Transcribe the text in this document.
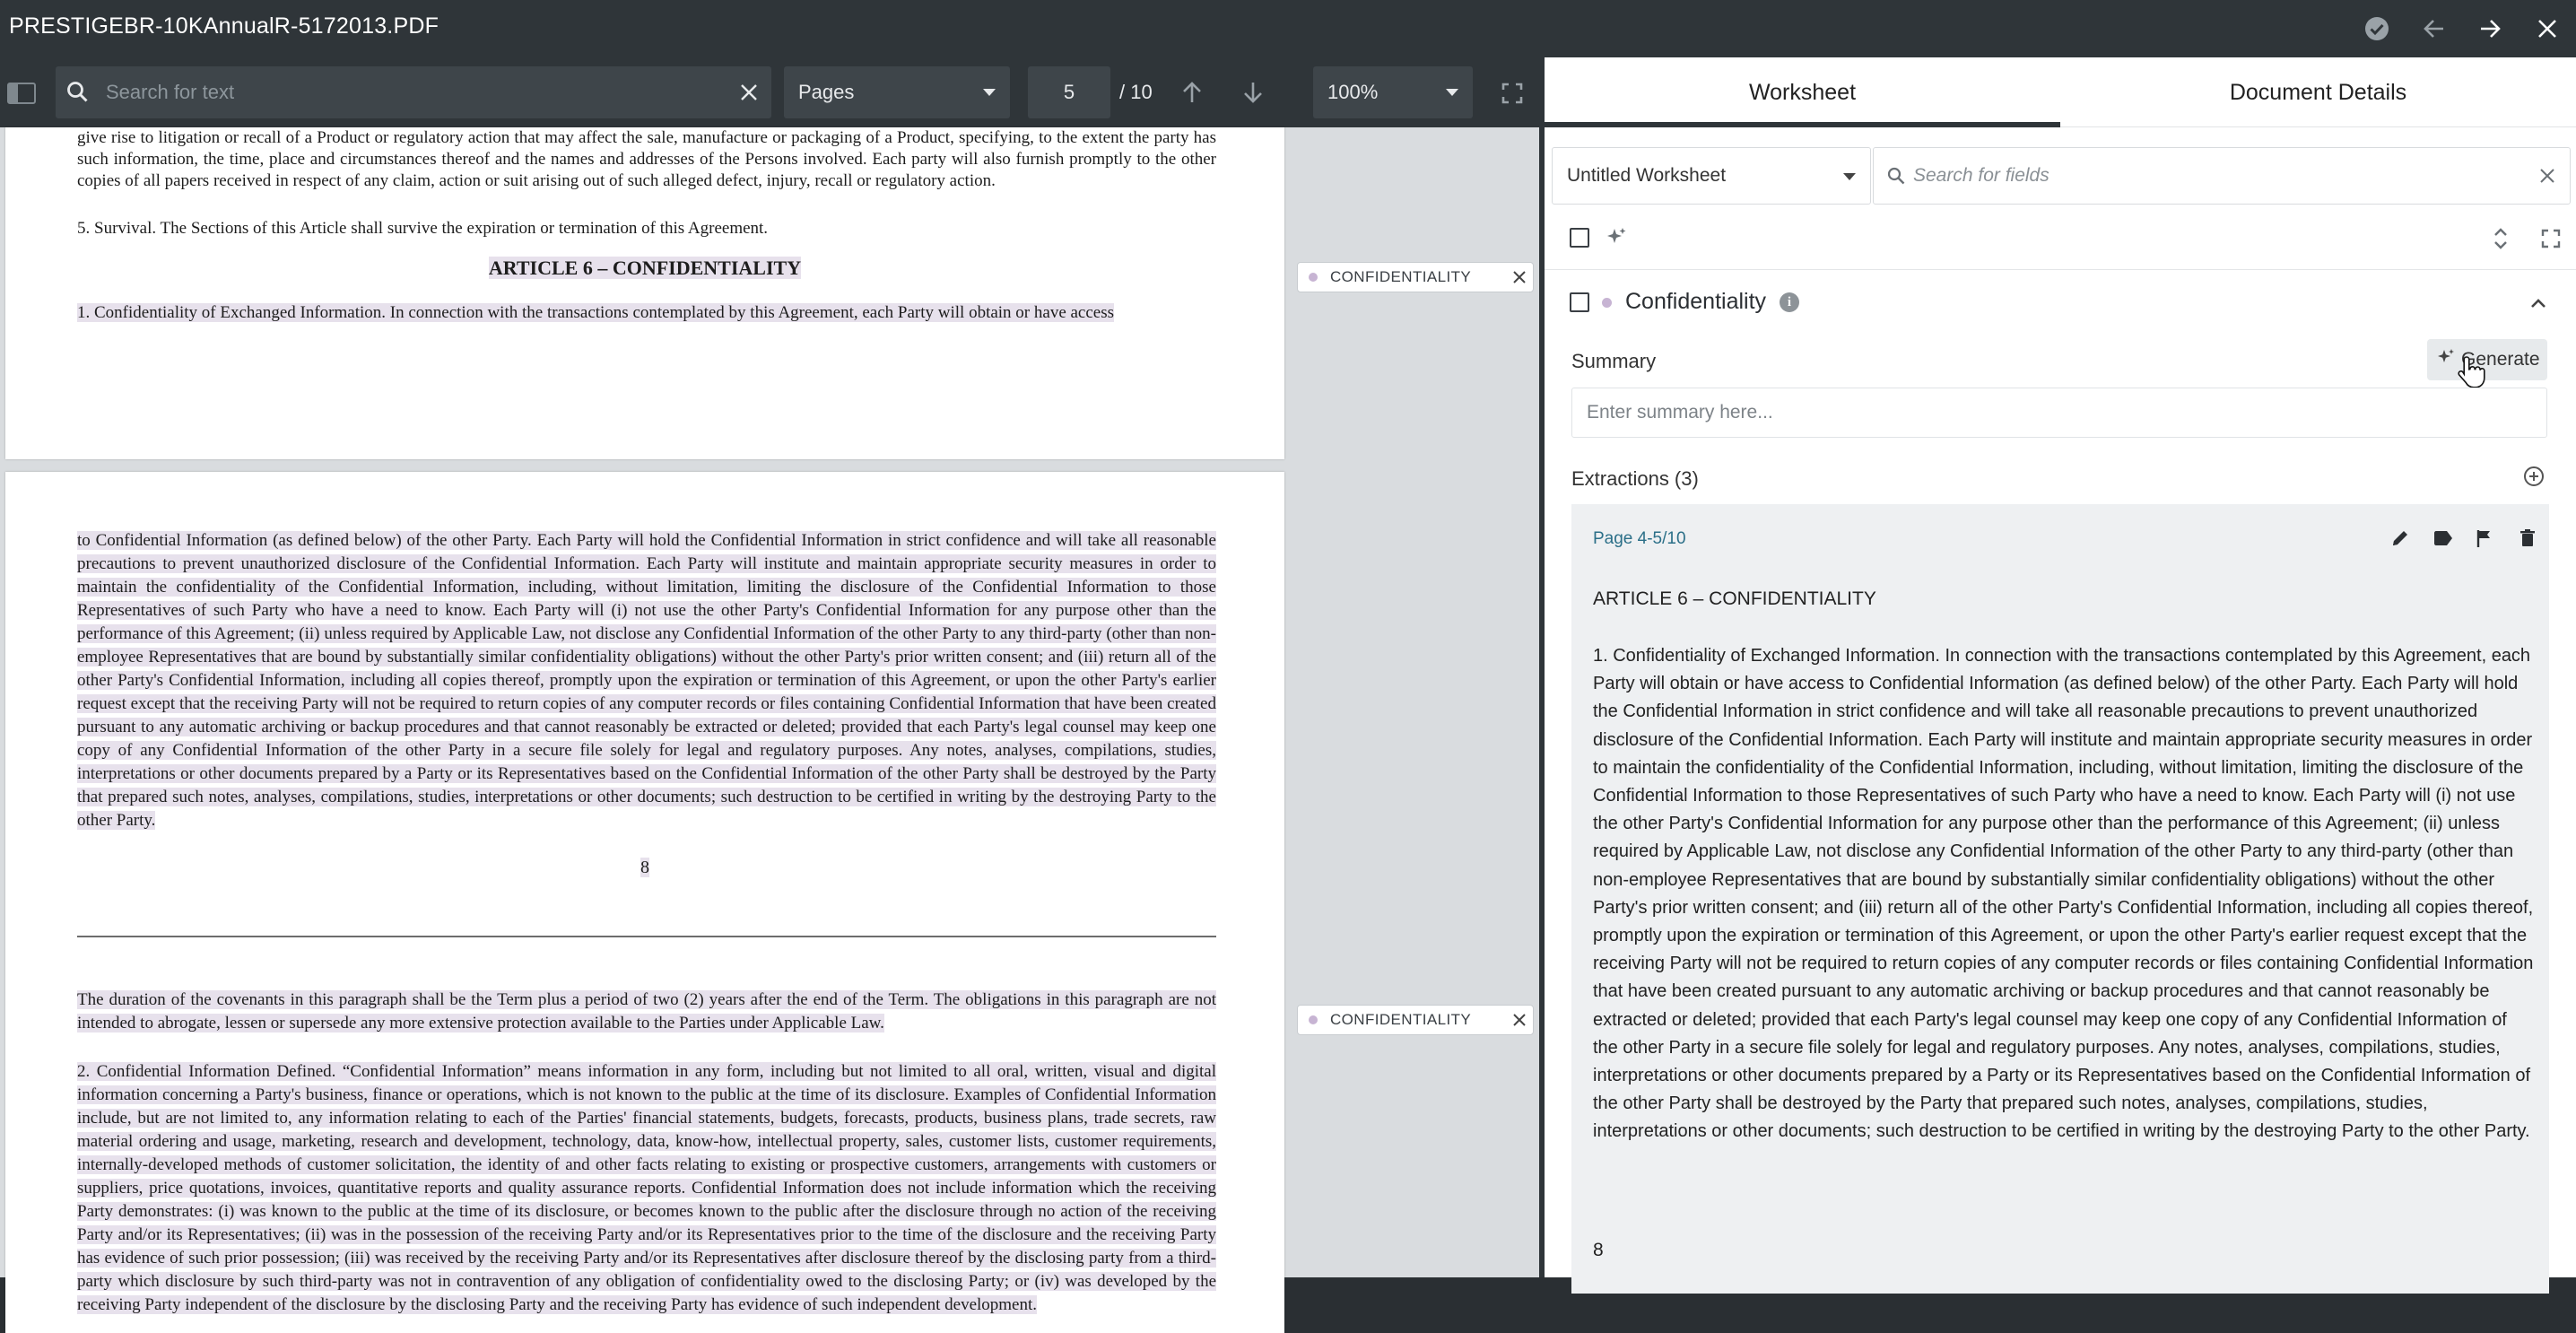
PRESTIGEBR-10KAnnualR-5172013.PDF
Search for text
Pages	5	/ 10	100%
give rise to litigation or recall of a Product or regulatory action that may affect the sale, manufacture or packaging of a Product, specifying, to the extent the party has such information, the time, place and circumstances thereof and the names and addresses of the Persons involved. Each party will also furnish promptly to the other copies of all papers received in respect of any claim, action or suit arising out of such alleged defect, injury, recall or regulatory action.
5. Survival. The Sections of this Article shall survive the expiration or termination of this Agreement.
ARTICLE 6 – CONFIDENTIALITY
1. Confidentiality of Exchanged Information. In connection with the transactions contemplated by this Agreement, each Party will obtain or have access
to Confidential Information (as defined below) of the other Party. Each Party will hold the Confidential Information in strict confidence and will take all reasonable precautions to prevent unauthorized disclosure of the Confidential Information. Each Party will institute and maintain appropriate security measures in order to maintain the confidentiality of the Confidential Information, including, without limitation, limiting the disclosure of the Confidential Information to those Representatives of such Party who have a need to know. Each Party will (i) not use the other Party's Confidential Information for any purpose other than the performance of this Agreement; (ii) unless required by Applicable Law, not disclose any Confidential Information of the other Party to any third-party (other than non-employee Representatives that are bound by substantially similar confidentiality obligations) without the other Party's prior written consent; and (iii) return all of the other Party's Confidential Information, including all copies thereof, promptly upon the expiration or termination of this Agreement, or upon the other Party's earlier request except that the receiving Party will not be required to return copies of any computer records or files containing Confidential Information that have been created pursuant to any automatic archiving or backup procedures and that cannot reasonably be extracted or deleted; provided that each Party's legal counsel may keep one copy of any Confidential Information of the other Party in a secure file solely for legal and regulatory purposes. Any notes, analyses, compilations, studies, interpretations or other documents prepared by a Party or its Representatives based on the Confidential Information of the other Party shall be destroyed by the Party that prepared such notes, analyses, compilations, studies, interpretations or other documents; such destruction to be certified in writing by the destroying Party to the other Party.
8
The duration of the covenants in this paragraph shall be the Term plus a period of two (2) years after the end of the Term. The obligations in this paragraph are not intended to abrogate, lessen or supersede any more extensive protection available to the Parties under Applicable Law.
2. Confidential Information Defined. “Confidential Information” means information in any form, including but not limited to all oral, written, visual and digital information concerning a Party's business, finance or operations, which is not known to the public at the time of its disclosure. Examples of Confidential Information include, but are not limited to, any information relating to each of the Parties' financial statements, budgets, forecasts, products, business plans, trade secrets, raw material ordering and usage, marketing, research and development, technology, data, know-how, intellectual property, sales, customer lists, customer requirements, internally-developed methods of customer solicitation, the identity of and other facts relating to existing or prospective customers, arrangements with customers or suppliers, price quotations, invoices, quantitative reports and quality assurance reports. Confidential Information does not include information which the receiving Party demonstrates: (i) was known to the public at the time of its disclosure, or becomes known to the public after the disclosure through no action of the receiving Party and/or its Representatives; (ii) was in the possession of the receiving Party and/or its Representatives prior to the time of the disclosure and the receiving Party has evidence of such prior possession; (iii) was received by the receiving Party and/or its Representatives after disclosure thereof by the disclosing party from a third-party which disclosure by such third-party was not in contravention of any obligation of confidentiality owed to the disclosing Party; or (iv) was developed by the receiving Party independent of the disclosure by the disclosing Party and the receiving Party has evidence of such independent development.
CONFIDENTIALITY
CONFIDENTIALITY
Worksheet	Document Details
Untitled Worksheet
Search for fields
Confidentiality	i
Summary	Generate
Enter summary here...
Extractions (3)
Page 4-5/10
ARTICLE 6 – CONFIDENTIALITY
1. Confidentiality of Exchanged Information. In connection with the transactions contemplated by this Agreement, each Party will obtain or have access to Confidential Information (as defined below) of the other Party. Each Party will hold the Confidential Information in strict confidence and will take all reasonable precautions to prevent unauthorized disclosure of the Confidential Information. Each Party will institute and maintain appropriate security measures in order to maintain the confidentiality of the Confidential Information, including, without limitation, limiting the disclosure of the Confidential Information to those Representatives of such Party who have a need to know. Each Party will (i) not use the other Party's Confidential Information for any purpose other than the performance of this Agreement; (ii) unless required by Applicable Law, not disclose any Confidential Information of the other Party to any third-party (other than non-employee Representatives that are bound by substantially similar confidentiality obligations) without the other Party's prior written consent; and (iii) return all of the other Party's Confidential Information, including all copies thereof, promptly upon the expiration or termination of this Agreement, or upon the other Party's earlier request except that the receiving Party will not be required to return copies of any computer records or files containing Confidential Information that have been created pursuant to any automatic archiving or backup procedures and that cannot reasonably be extracted or deleted; provided that each Party's legal counsel may keep one copy of any Confidential Information of the other Party in a secure file solely for legal and regulatory purposes. Any notes, analyses, compilations, studies, interpretations or other documents prepared by a Party or its Representatives based on the Confidential Information of the other Party shall be destroyed by the Party that prepared such notes, analyses, compilations, studies, interpretations or other documents; such destruction to be certified in writing by the destroying Party to the other Party.
8
